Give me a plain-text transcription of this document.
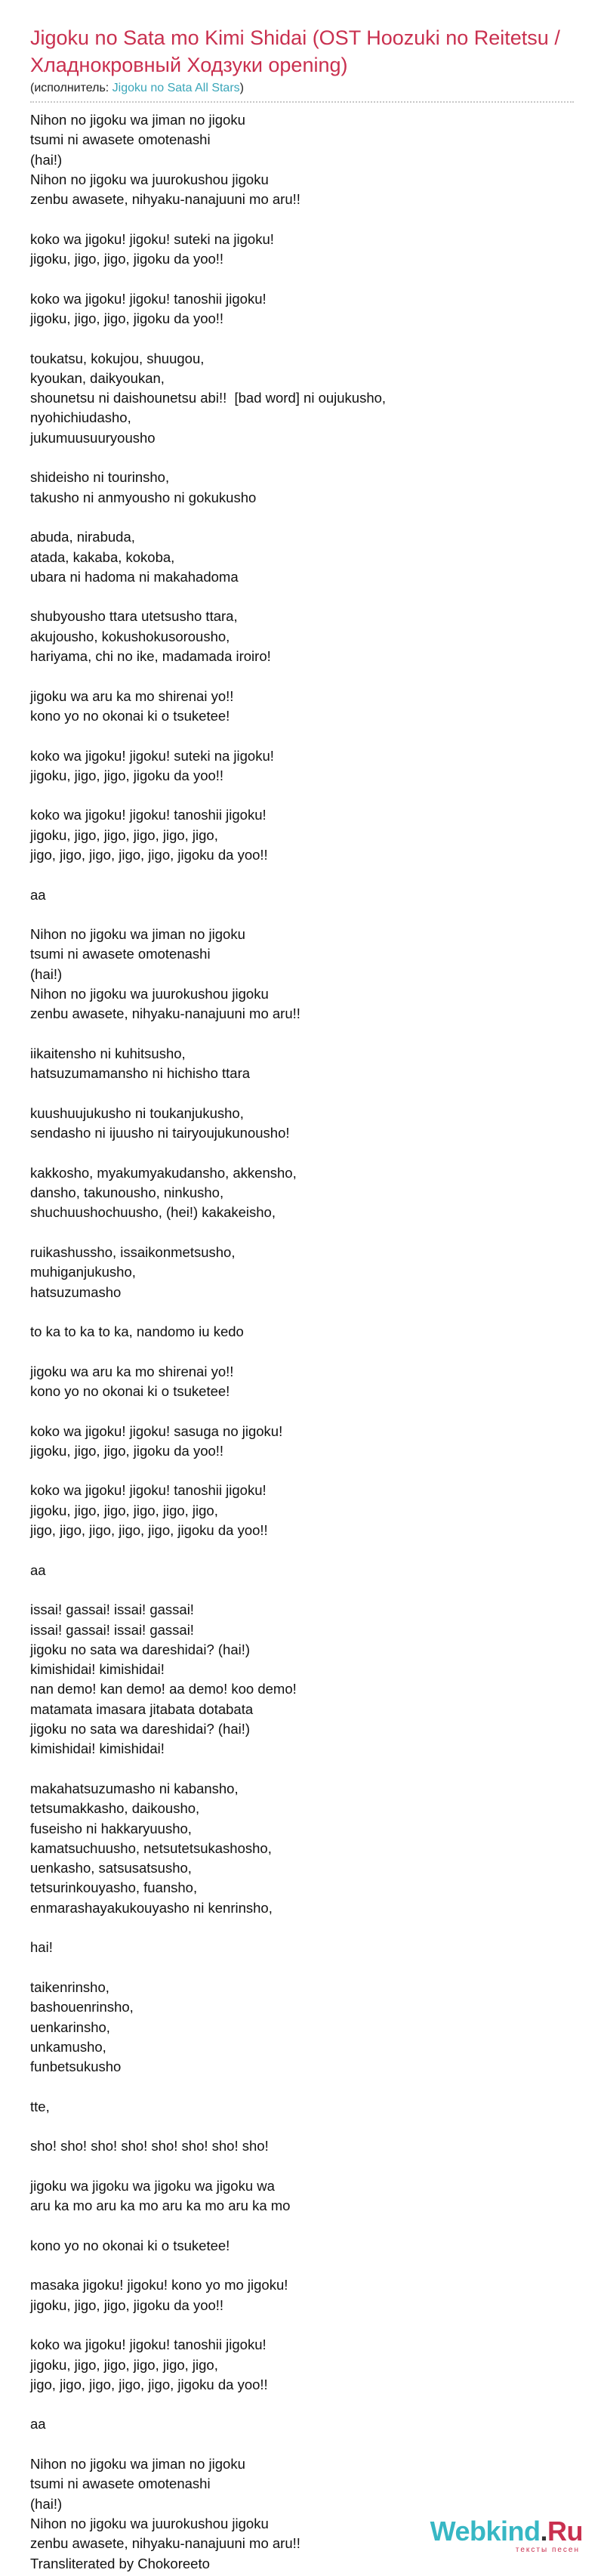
Jigoku no Sata mo Kimi Shidai (OST Hoozuki no Reitetsu / Хладнокровный Ходзуки opening)
(исполнитель: Jigoku no Sata All Stars)
Nihon no jigoku wa jiman no jigoku
tsumi ni awasete omotenashi
(hai!)
Nihon no jigoku wa juurokushou jigoku
zenbu awasete, nihyaku-nanajuuni mo aru!!

koko wa jigoku! jigoku! suteki na jigoku!
jigoku, jigo, jigo, jigoku da yoo!!

koko wa jigoku! jigoku! tanoshii jigoku!
jigoku, jigo, jigo, jigoku da yoo!!

toukatsu, kokujou, shuugou,
kyoukan, daikyoukan,
shounetsu ni daishounetsu abi!!  [bad word] ni oujukusho,
nyohichiudasho,
jukumuusuuryousho

shideisho ni tourinsho,
takusho ni anmyousho ni gokukusho

abuda, nirabuda,
atada, kakaba, kokoba,
ubara ni hadoma ni makahadoma

shubyousho ttara utetsusho ttara,
akujousho, kokushokusorousho,
hariyama, chi no ike, madamada iroiro!

jigoku wa aru ka mo shirenai yo!!
kono yo no okonai ki o tsuketee!

koko wa jigoku! jigoku! suteki na jigoku!
jigoku, jigo, jigo, jigoku da yoo!!

koko wa jigoku! jigoku! tanoshii jigoku!
jigoku, jigo, jigo, jigo, jigo, jigo,
jigo, jigo, jigo, jigo, jigo, jigoku da yoo!!

aa

Nihon no jigoku wa jiman no jigoku
tsumi ni awasete omotenashi
(hai!)
Nihon no jigoku wa juurokushou jigoku
zenbu awasete, nihyaku-nanajuuni mo aru!!

iikaitensho ni kuhitsusho,
hatsuzumamansho ni hichisho ttara

kuushuujukusho ni toukanjukusho,
sendasho ni ijuusho ni tairyoujukunousho!

kakkosho, myakumyakudansho, akkensho,
dansho, takunousho, ninkusho,
shuchuushochuusho, (hei!) kakakeisho,

ruikashussho, issaikonmetsusho,
muhiganjukusho,
hatsuzumasho

to ka to ka to ka, nandomo iu kedo

jigoku wa aru ka mo shirenai yo!!
kono yo no okonai ki o tsuketee!

koko wa jigoku! jigoku! sasuga no jigoku!
jigoku, jigo, jigo, jigoku da yoo!!

koko wa jigoku! jigoku! tanoshii jigoku!
jigoku, jigo, jigo, jigo, jigo, jigo,
jigo, jigo, jigo, jigo, jigo, jigoku da yoo!!

aa

issai! gassai! issai! gassai!
issai! gassai! issai! gassai!
jigoku no sata wa dareshidai? (hai!)
kimishidai! kimishidai!
nan demo! kan demo! aa demo! koo demo!
matamata imasara jitabata dotabata
jigoku no sata wa dareshidai? (hai!)
kimishidai! kimishidai!

makahatsuzumasho ni kabansho,
tetsumakkasho, daikousho,
fuseisho ni hakkaryuusho,
kamatsuchuusho, netsutetsukashosho,
uenkasho, satsusatsusho,
tetsurinkouyasho, fuansho,
enmarashayakukouyasho ni kenrinsho,

hai!

taikenrinsho,
bashouenrinsho,
uenkarinsho,
unkamusho,
funbetsukusho

tte,

sho! sho! sho! sho! sho! sho! sho! sho!

jigoku wa jigoku wa jigoku wa jigoku wa
aru ka mo aru ka mo aru ka mo aru ka mo

kono yo no okonai ki o tsuketee!

masaka jigoku! jigoku! kono yo mo jigoku!
jigoku, jigo, jigo, jigoku da yoo!!

koko wa jigoku! jigoku! tanoshii jigoku!
jigoku, jigo, jigo, jigo, jigo, jigo,
jigo, jigo, jigo, jigo, jigo, jigoku da yoo!!

aa

Nihon no jigoku wa jiman no jigoku
tsumi ni awasete omotenashi
(hai!)
Nihon no jigoku wa juurokushou jigoku
zenbu awasete, nihyaku-nanajuuni mo aru!!
Transliterated by Chokoreeto
Webkind.Ru
тексты песен
